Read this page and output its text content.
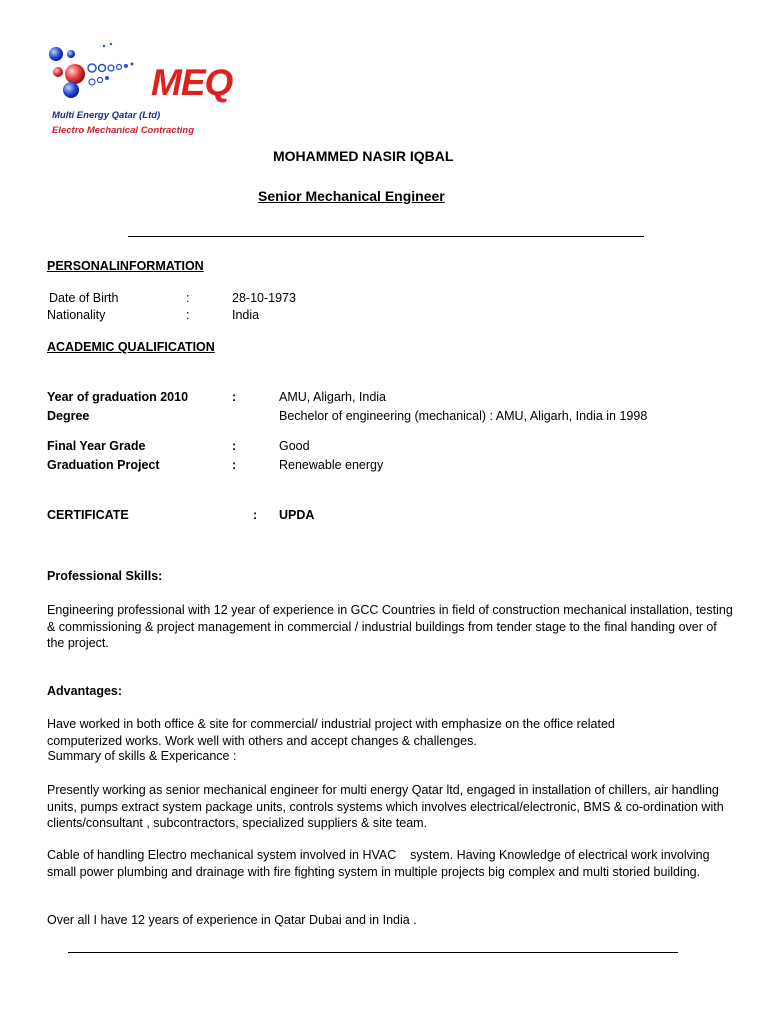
MEQ
Multi Energy Qatar (Ltd)
Electro Mechanical Contracting
MOHAMMED NASIR IQBAL
Senior Mechanical Engineer
PERSONALINFORMATION
Date of Birth	:	28-10-1973
Nationality	:	India
ACADEMIC QUALIFICATION
Year of graduation 2010	:	AMU, Aligarh, India
Degree	Bechelor of engineering (mechanical) : AMU, Aligarh, India in 1998
Final Year Grade	:	Good
Graduation Project	:	Renewable energy
CERTIFICATE	: UPDA
Professional Skills:
Engineering professional with 12 year of experience in GCC Countries in field of construction mechanical installation, testing & commissioning & project management in commercial / industrial buildings from tender stage to the final handing over of the project.
Advantages:
Have worked in both office & site for commercial/ industrial project with emphasize on the office related computerized works. Work well with others and accept changes & challenges.
Summary of skills & Expericance :
Presently working as senior mechanical engineer for multi energy Qatar ltd, engaged in installation of chillers, air handling units, pumps extract system package units, controls systems which involves electrical/electronic, BMS & co-ordination with clients/consultant , subcontractors, specialized suppliers & site team.
Cable of handling Electro mechanical system involved in HVAC    system. Having Knowledge of electrical work involving small power plumbing and drainage with fire fighting system in multiple projects big complex and multi storied building.
Over all I have 12 years of experience in Qatar Dubai and in India .
